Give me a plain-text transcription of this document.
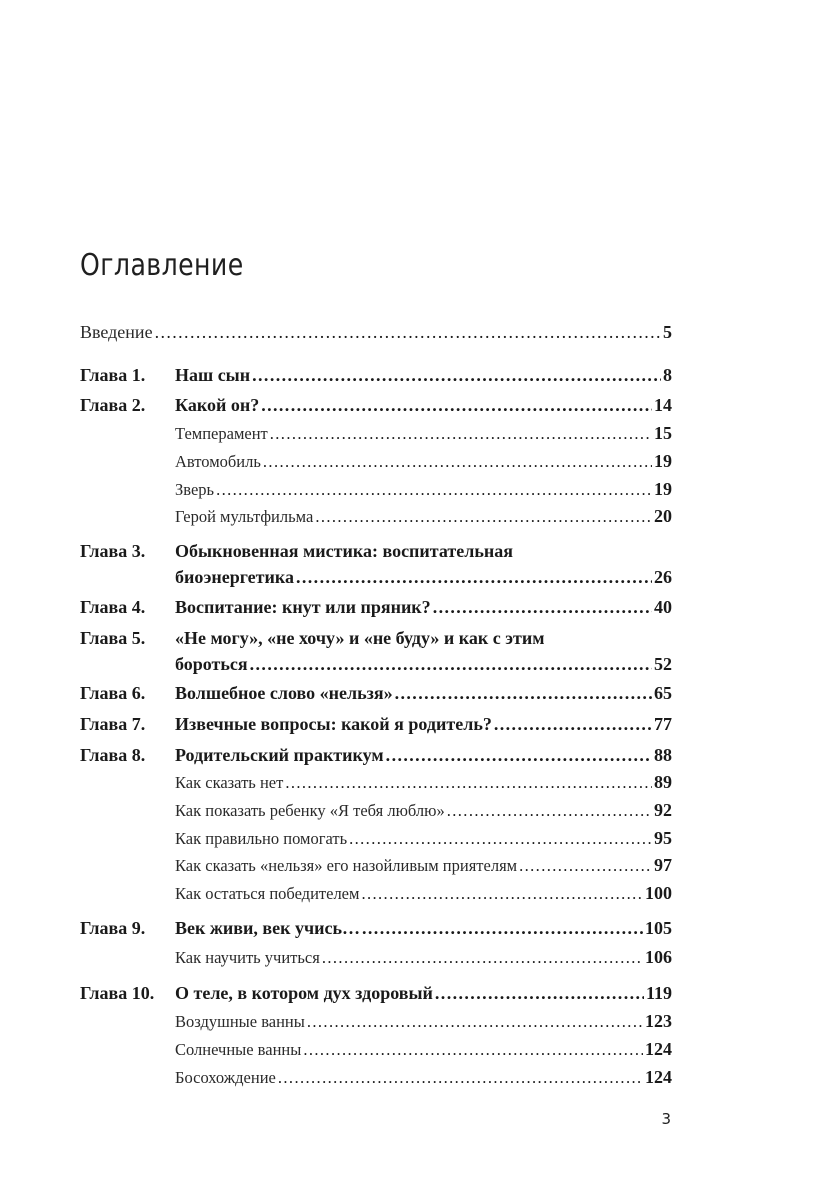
Оглавление
Введение .....	5
Глава 1. Наш сын .....	8
Глава 2. Какой он? .....	14
Темперамент .....	15
Автомобиль .....	19
Зверь .....	19
Герой мультфильма .....	20
Глава 3. Обыкновенная мистика: воспитательная
биоэнергетика .....	26
Глава 4. Воспитание: кнут или пряник? .....	40
Глава 5. «Не могу», «не хочу» и «не буду» и как с этим
бороться .....	52
Глава 6. Волшебное слово «нельзя» .....	65
Глава 7. Извечные вопросы: какой я родитель? .....	77
Глава 8. Родительский практикум .....	88
Как сказать нет .....	89
Как показать ребенку «Я тебя люблю» .....	92
Как правильно помогать .....	95
Как сказать «нельзя» его назойливым приятелям .....	97
Как остаться победителем .....	100
Глава 9. Век живи, век учись… .....	105
Как научить учиться .....	106
Глава 10. О теле, в котором дух здоровый .....	119
Воздушные ванны .....	123
Солнечные ванны .....	124
Босохождение .....	124
3
